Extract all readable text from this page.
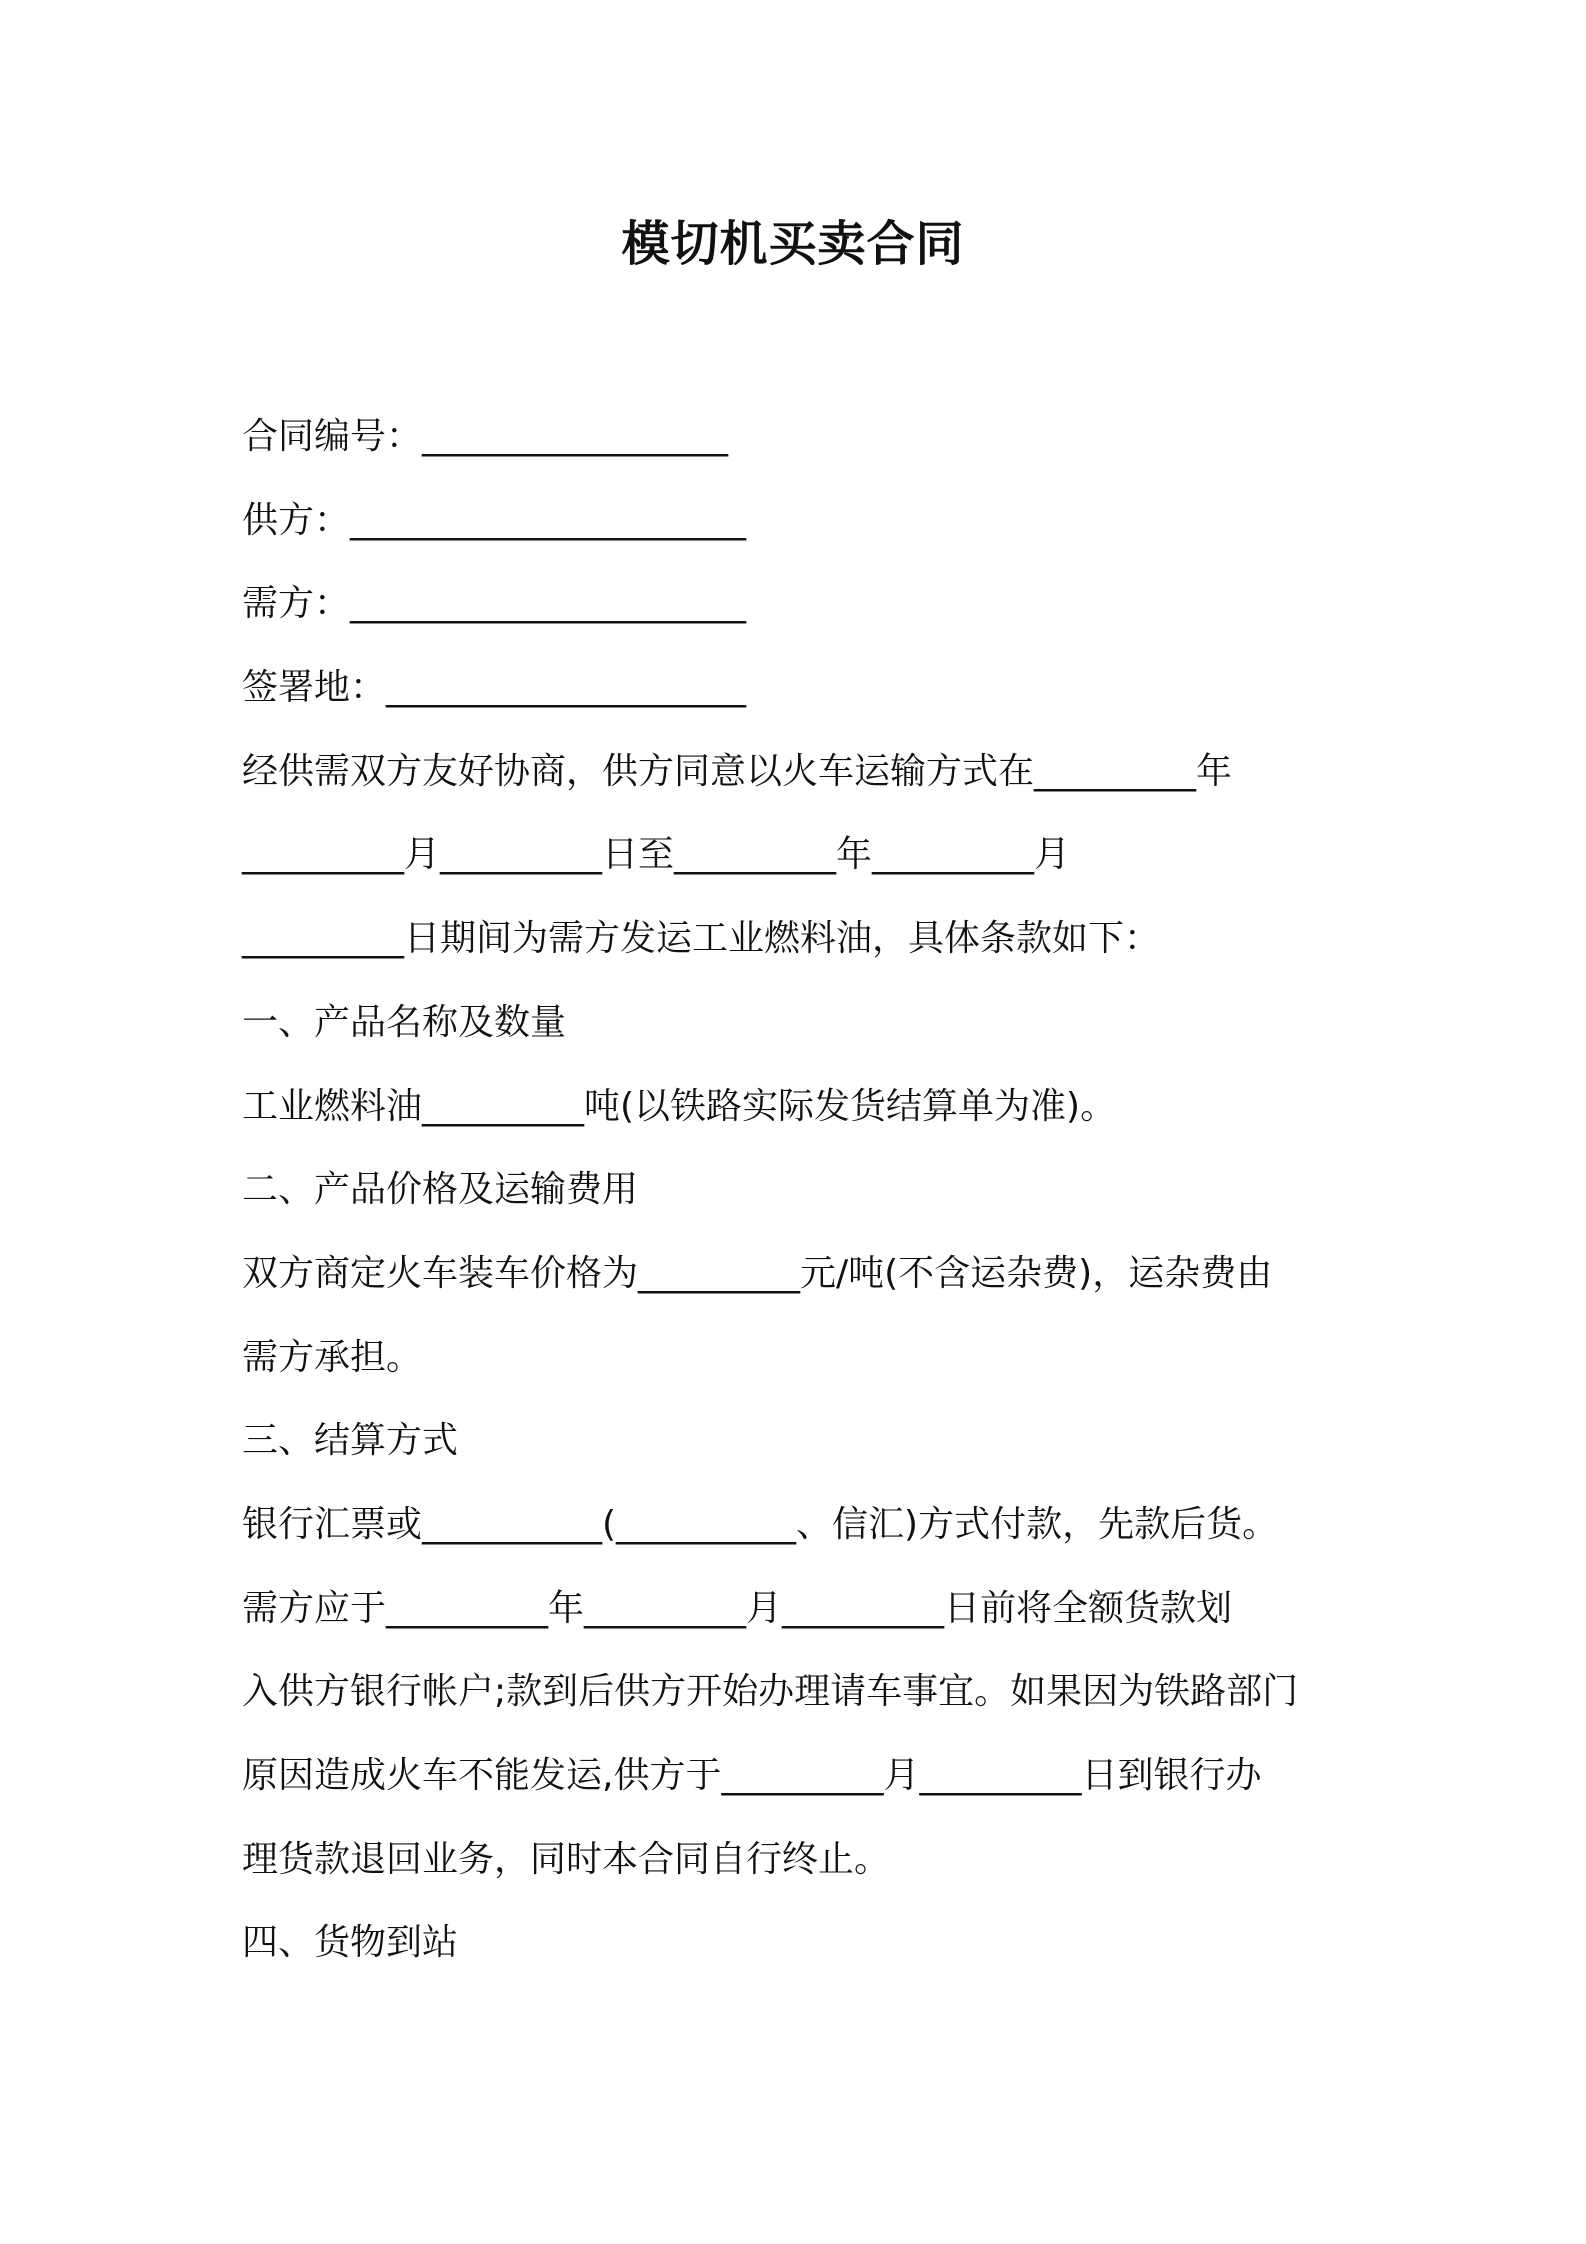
模切机买卖合同
合同编号：_________________
供方：______________________
需方：______________________
签署地：____________________
经供需双方友好协商，供方同意以火车运输方式在_________年
_________月_________日至_________年_________月
_________日期间为需方发运工业燃料油，具体条款如下：
一、产品名称及数量
工业燃料油_________吨(以铁路实际发货结算单为准)。
二、产品价格及运输费用
双方商定火车装车价格为_________元/吨(不含运杂费)，运杂费由
需方承担。
三、结算方式
银行汇票或__________(__________、信汇)方式付款，先款后货。
需方应于_________年_________月_________日前将全额货款划
入供方银行帐户;款到后供方开始办理请车事宜。如果因为铁路部门
原因造成火车不能发运,供方于_________月_________日到银行办
理货款退回业务，同时本合同自行终止。
四、货物到站
